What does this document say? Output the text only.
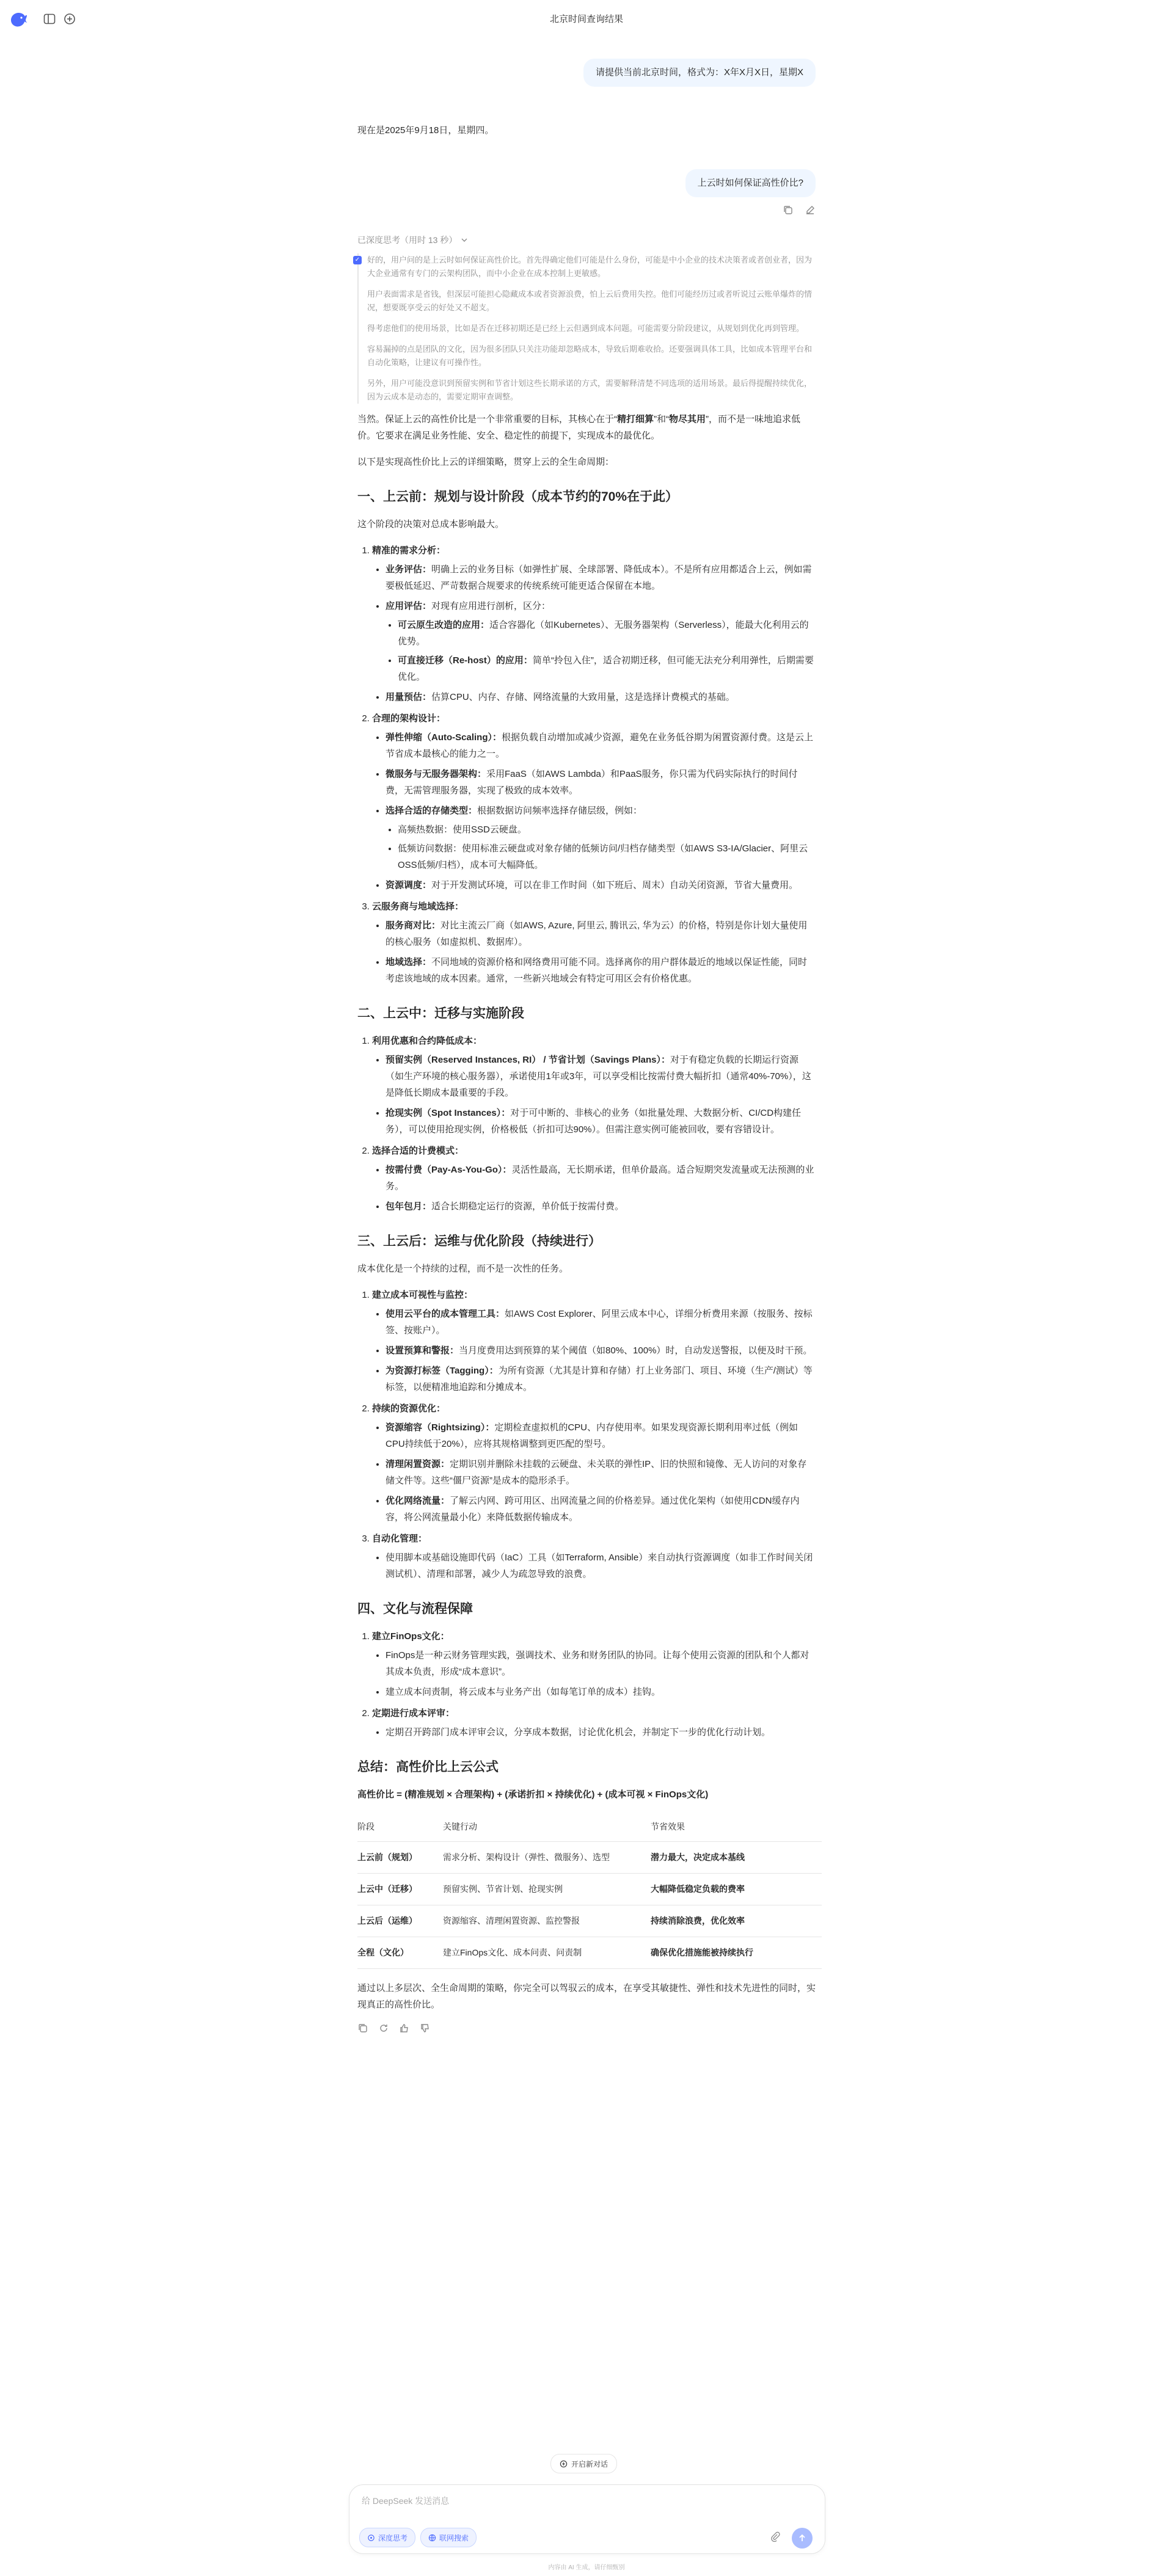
北京时间查询结果
请提供当前北京时间，格式为：X年X月X日，星期X

现在是2025年9月18日，星期四。

上云时如何保证高性价比?
已深度思考（用时 13 秒）
✓ 好的，用户问的是上云时如何保证高性价比。首先得确定他们可能是什么身份，可能是中小企业的技术决策者或者创业者，因为大企业通常有专门的云架构团队，而中小企业在成本控制上更敏感。

用户表面需求是省钱，但深层可能担心隐藏成本或者资源浪费，怕上云后费用失控。他们可能经历过或者听说过云账单爆炸的情况，想要既享受云的好处又不超支。

得考虑他们的使用场景，比如是否在迁移初期还是已经上云但遇到成本问题。可能需要分阶段建议，从规划到优化再到管理。

容易漏掉的点是团队的文化，因为很多团队只关注功能却忽略成本，导致后期难收拾。还要强调具体工具，比如成本管理平台和自动化策略，让建议有可操作性。

另外，用户可能没意识到预留实例和节省计划这些长期承诺的方式，需要解释清楚不同选项的适用场景。最后得提醒持续优化，因为云成本是动态的，需要定期审查调整。

当然。保证上云的高性价比是一个非常重要的目标，其核心在于“精打细算”和“物尽其用”，而不是一味地追求低价。它要求在满足业务性能、安全、稳定性的前提下，实现成本的最优化。

以下是实现高性价比上云的详细策略，贯穿上云的全生命周期：

一、上云前：规划与设计阶段（成本节约的70%在于此）

这个阶段的决策对总成本影响最大。

1. 精准的需求分析：
• 业务评估：明确上云的业务目标（如弹性扩展、全球部署、降低成本）。不是所有应用都适合上云，例如需要极低延迟、严苛数据合规要求的传统系统可能更适合保留在本地。
• 应用评估：对现有应用进行剖析，区分：
• 可云原生改造的应用：适合容器化（如Kubernetes）、无服务器架构（Serverless），能最大化利用云的优势。
• 可直接迁移（Re-host）的应用：简单“拎包入住”，适合初期迁移，但可能无法充分利用弹性，后期需要优化。
• 用量预估：估算CPU、内存、存储、网络流量的大致用量，这是选择计费模式的基础。
2. 合理的架构设计：
• 弹性伸缩（Auto-Scaling）：根据负载自动增加或减少资源，避免在业务低谷期为闲置资源付费。这是云上节省成本最核心的能力之一。
• 微服务与无服务器架构：采用FaaS（如AWS Lambda）和PaaS服务，你只需为代码实际执行的时间付费，无需管理服务器，实现了极致的成本效率。
• 选择合适的存储类型：根据数据访问频率选择存储层级，例如：
• 高频热数据：使用SSD云硬盘。
• 低频访问数据：使用标准云硬盘或对象存储的低频访问/归档存储类型（如AWS S3-IA/Glacier、阿里云OSS低频/归档），成本可大幅降低。
• 资源调度：对于开发测试环境，可以在非工作时间（如下班后、周末）自动关闭资源，节省大量费用。
3. 云服务商与地域选择：
• 服务商对比：对比主流云厂商（如AWS, Azure, 阿里云, 腾讯云, 华为云）的价格，特别是你计划大量使用的核心服务（如虚拟机、数据库）。
• 地域选择：不同地域的资源价格和网络费用可能不同。选择离你的用户群体最近的地域以保证性能，同时考虑该地域的成本因素。通常，一些新兴地域会有特定可用区会有价格优惠。
二、上云中：迁移与实施阶段
1. 利用优惠和合约降低成本：
• 预留实例（Reserved Instances, RI） / 节省计划（Savings Plans）：对于有稳定负载的长期运行资源（如生产环境的核心服务器），承诺使用1年或3年，可以享受相比按需付费大幅折扣（通常40%-70%），这是降低长期成本最重要的手段。
• 抢现实例（Spot Instances）：对于可中断的、非核心的业务（如批量处理、大数据分析、CI/CD构建任务），可以使用抢现实例，价格极低（折扣可达90%）。但需注意实例可能被回收，要有容错设计。
2. 选择合适的计费模式：
• 按需付费（Pay-As-You-Go）：灵活性最高，无长期承诺，但单价最高。适合短期突发流量或无法预测的业务。
• 包年包月：适合长期稳定运行的资源，单价低于按需付费。
三、上云后：运维与优化阶段（持续进行）

成本优化是一个持续的过程，而不是一次性的任务。

1. 建立成本可视性与监控：
• 使用云平台的成本管理工具：如AWS Cost Explorer、阿里云成本中心，详细分析费用来源（按服务、按标签、按账户）。
• 设置预算和警报：当月度费用达到预算的某个阈值（如80%、100%）时，自动发送警报，以便及时干预。
• 为资源打标签（Tagging）：为所有资源（尤其是计算和存储）打上业务部门、项目、环境（生产/测试）等标签，以便精准地追踪和分摊成本。
2. 持续的资源优化：
• 资源缩容（Rightsizing）：定期检查虚拟机的CPU、内存使用率。如果发现资源长期利用率过低（例如CPU持续低于20%），应将其规格调整到更匹配的型号。
• 清理闲置资源：定期识别并删除未挂载的云硬盘、未关联的弹性IP、旧的快照和镜像、无人访问的对象存储文件等。这些“僵尸资源”是成本的隐形杀手。
• 优化网络流量：了解云内网、跨可用区、出网流量之间的价格差异。通过优化架构（如使用CDN缓存内容，将公网流量最小化）来降低数据传输成本。
3. 自动化管理：
• 使用脚本或基础设施即代码（IaC）工具（如Terraform, Ansible）来自动执行资源调度（如非工作时间关闭测试机）、清理和部署，减少人为疏忽导致的浪费。
四、文化与流程保障
1. 建立FinOps文化：
• FinOps是一种云财务管理实践，强调技术、业务和财务团队的协同。让每个使用云资源的团队和个人都对其成本负责，形成“成本意识”。
• 建立成本问责制，将云成本与业务产出（如每笔订单的成本）挂钩。
2. 定期进行成本评审：
• 定期召开跨部门成本评审会议，分享成本数据，讨论优化机会，并制定下一步的优化行动计划。
总结：高性价比上云公式

高性价比 = (精准规划 × 合理架构) + (承诺折扣 × 持续优化) + (成本可视 × FinOps文化)

阶段	关键行动	节省效果
上云前（规划）	需求分析、架构设计（弹性、微服务）、选型	潜力最大，决定成本基线
上云中（迁移）	预留实例、节省计划、抢现实例	大幅降低稳定负载的费率
上云后（运维）	资源缩容、清理闲置资源、监控警报	持续消除浪费，优化效率
全程（文化）	建立FinOps文化、成本问责、问责制	确保优化措施能被持续执行

通过以上多层次、全生命周期的策略，你完全可以驾驭云的成本，在享受其敏捷性、弹性和技术先进性的同时，实现真正的高性价比。

开启新对话
给 DeepSeek 发送消息
深度思考	联网搜索
内容由 AI 生成，请仔细甄别
